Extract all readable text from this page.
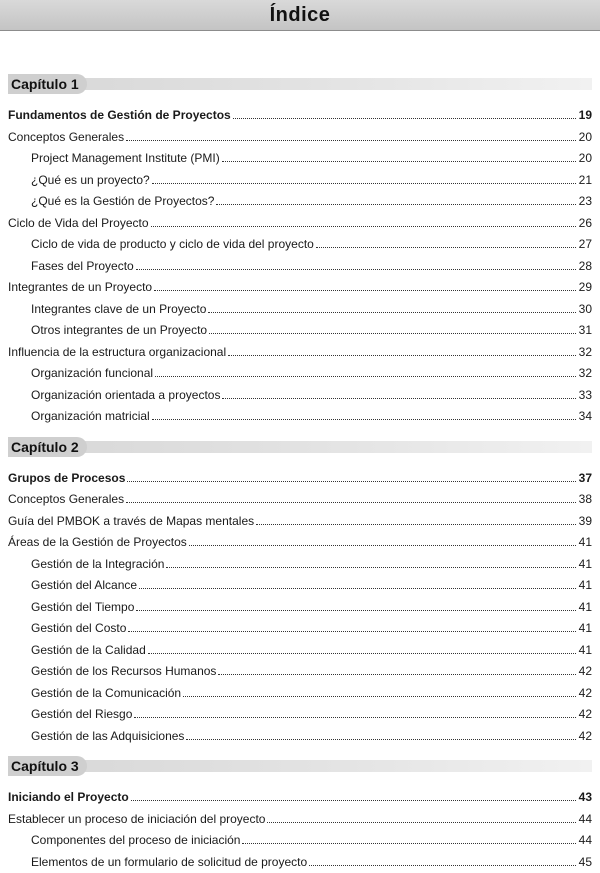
Índice
Capítulo 1
Fundamentos de Gestión de Proyectos	19
Conceptos Generales	20
Project Management Institute (PMI)	20
¿Qué es un proyecto?	21
¿Qué es la Gestión de Proyectos?	23
Ciclo de Vida del Proyecto	26
Ciclo de vida de producto y ciclo de vida del proyecto	27
Fases del Proyecto	28
Integrantes de un Proyecto	29
Integrantes clave de un Proyecto	30
Otros integrantes de un Proyecto	31
Influencia de la estructura organizacional	32
Organización funcional	32
Organización orientada a proyectos	33
Organización matricial	34
Capítulo 2
Grupos de Procesos	37
Conceptos Generales	38
Guía del PMBOK a través de Mapas mentales	39
Áreas de la Gestión de Proyectos	41
Gestión de la Integración	41
Gestión del Alcance	41
Gestión del Tiempo	41
Gestión del Costo	41
Gestión de la Calidad	41
Gestión de los Recursos Humanos	42
Gestión de la Comunicación	42
Gestión del Riesgo	42
Gestión de las Adquisiciones	42
Capítulo 3
Iniciando el Proyecto	43
Establecer un proceso de iniciación del proyecto	44
Componentes del proceso de iniciación	44
Elementos de un formulario de solicitud de proyecto	45
